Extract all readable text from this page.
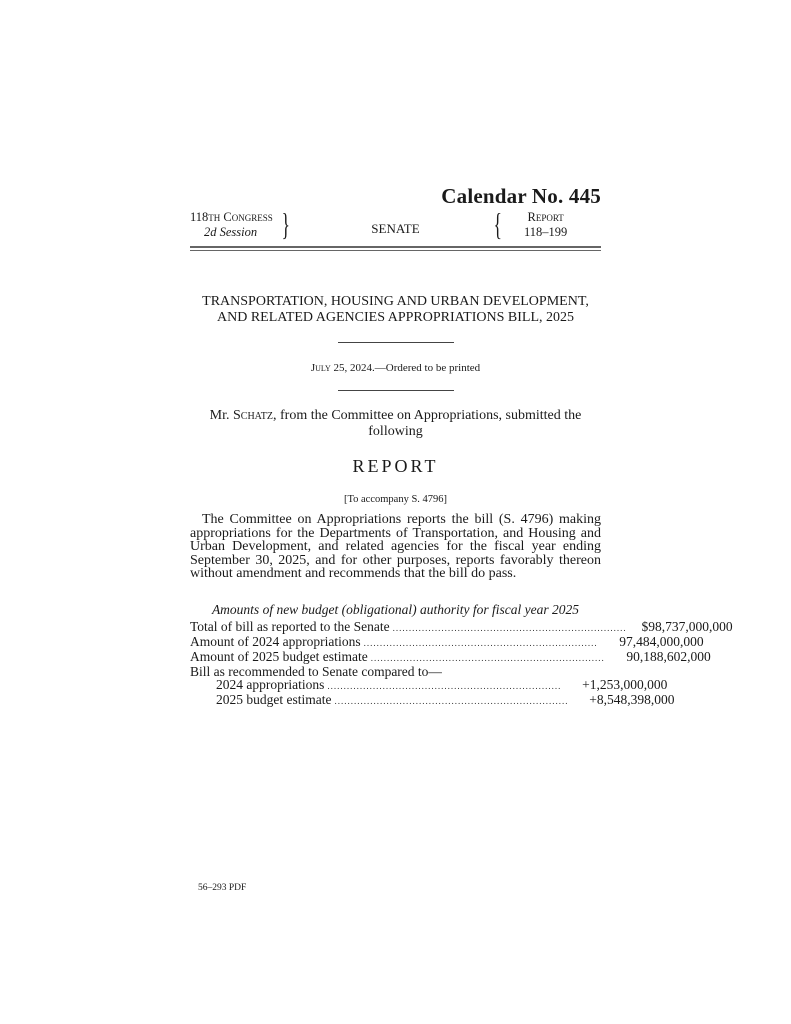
Calendar No. 445
118th Congress
2d Session }	SENATE	{ Report
118–199
TRANSPORTATION, HOUSING AND URBAN DEVELOPMENT,
AND RELATED AGENCIES APPROPRIATIONS BILL, 2025
July 25, 2024.—Ordered to be printed
Mr. Schatz, from the Committee on Appropriations, submitted the following
REPORT
[To accompany S. 4796]
The Committee on Appropriations reports the bill (S. 4796) making appropriations for the Departments of Transportation, and Housing and Urban Development, and related agencies for the fiscal year ending September 30, 2025, and for other purposes, reports favorably thereon without amendment and recommends that the bill do pass.
Amounts of new budget (obligational) authority for fiscal year 2025
Total of bill as reported to the Senate ........................................................................	$98,737,000,000
Amount of 2024 appropriations ........................................................................	97,484,000,000
Amount of 2025 budget estimate ........................................................................	90,188,602,000
Bill as recommended to Senate compared to—
2024 appropriations ........................................................................	+1,253,000,000
2025 budget estimate ........................................................................	+8,548,398,000
56–293 PDF
